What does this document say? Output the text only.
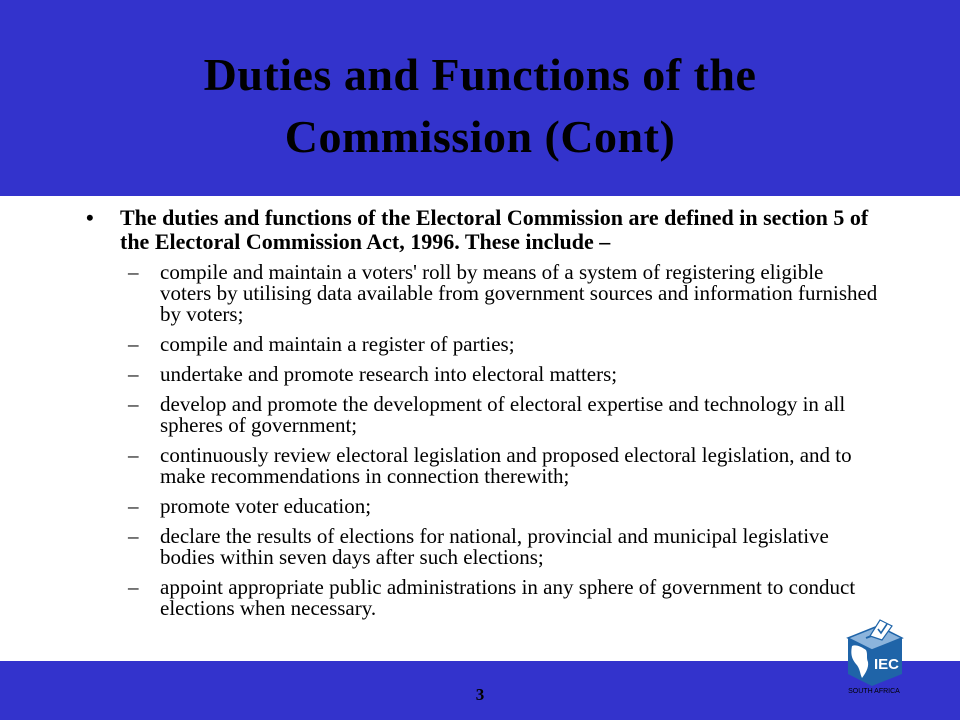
Duties and Functions of the
Commission (Cont)
• The duties and functions of the Electoral Commission are defined in section 5 of the Electoral Commission Act, 1996. These include –
– compile and maintain a voters' roll by means of a system of registering eligible voters by utilising data available from government sources and information furnished by voters;
– compile and maintain a register of parties;
– undertake and promote research into electoral matters;
– develop and promote the development of electoral expertise and technology in all spheres of government;
– continuously review electoral legislation and proposed electoral legislation, and to make recommendations in connection therewith;
– promote voter education;
– declare the results of elections for national, provincial and municipal legislative bodies within seven days after such elections;
– appoint appropriate public administrations in any sphere of government to conduct elections when necessary.
3
IEC
SOUTH AFRICA
